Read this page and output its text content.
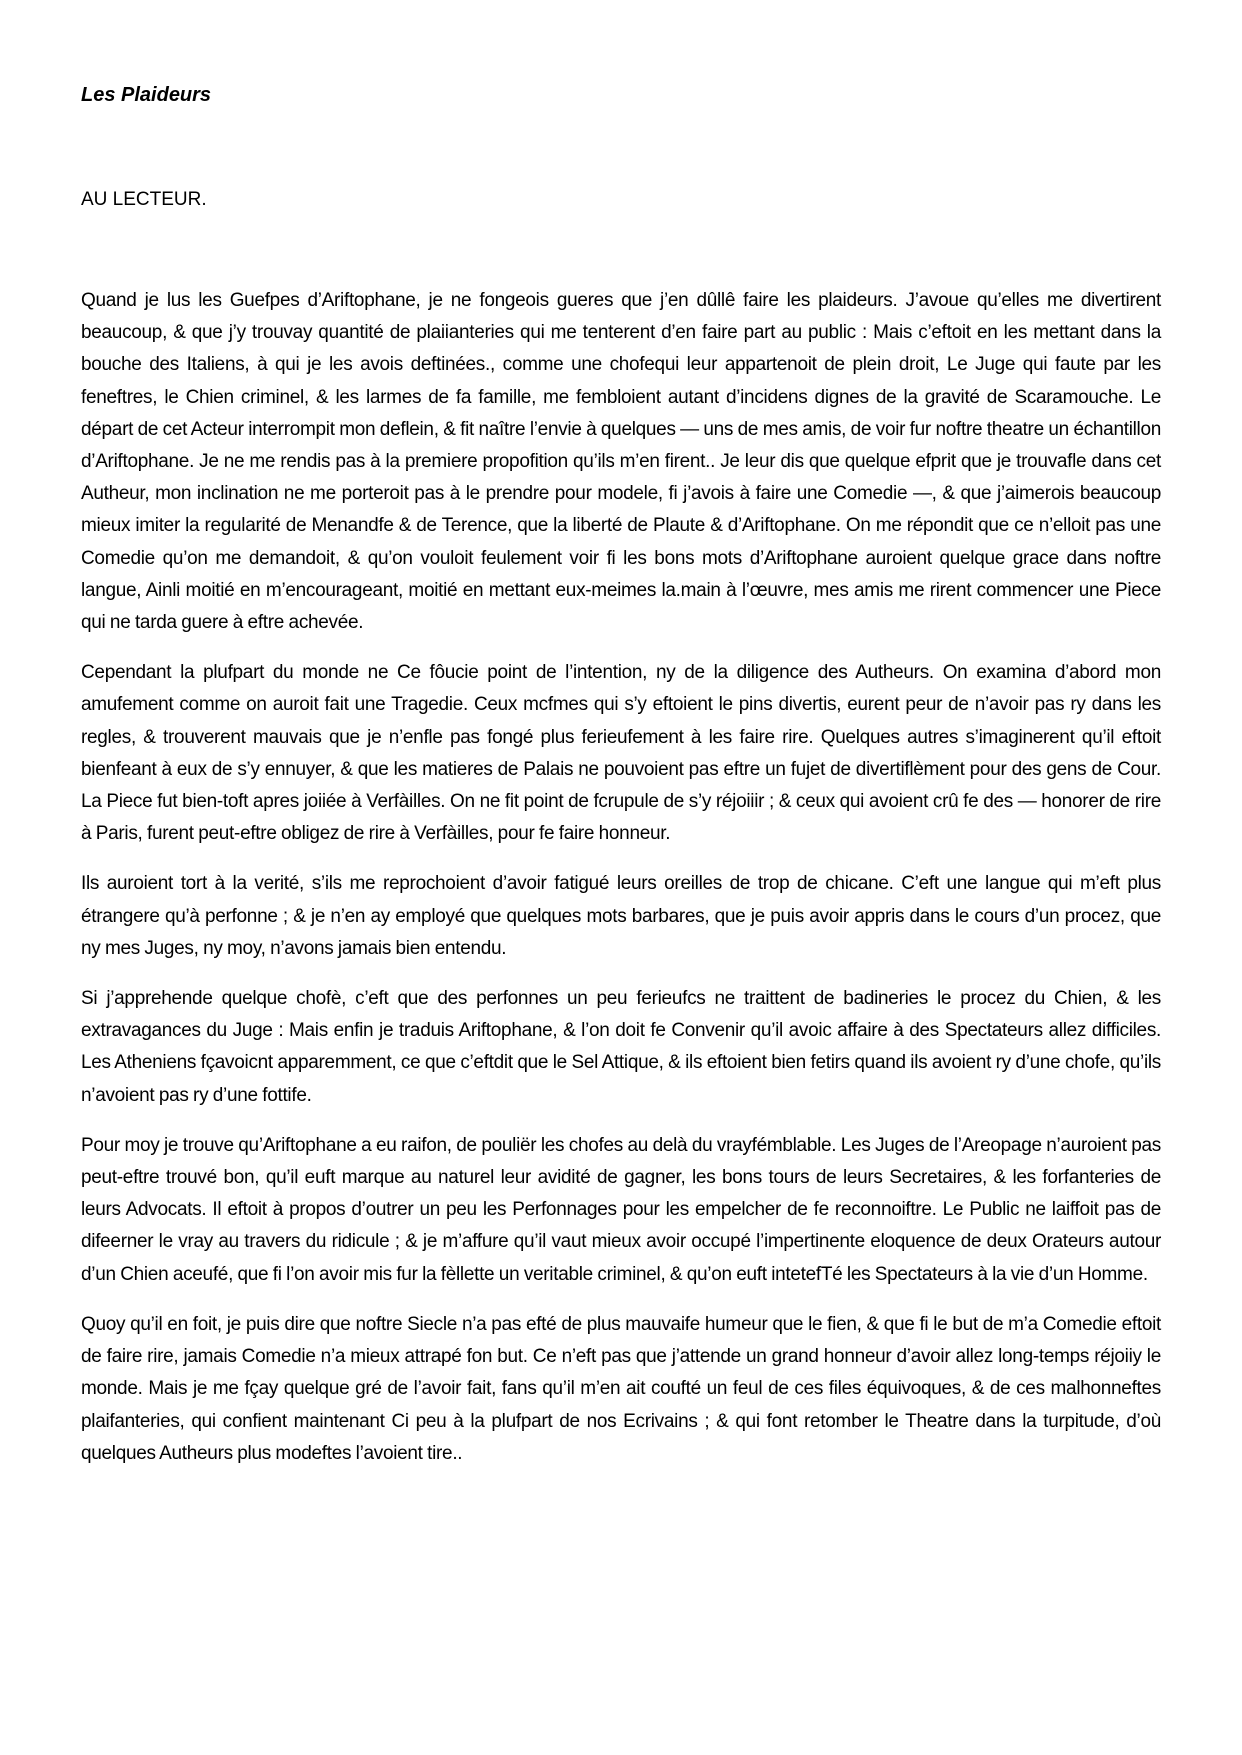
Les Plaideurs

AU LECTEUR.

Quand je lus les Guefpes d’Ariftophane, je ne fongeois gueres que j’en dûllê faire les plaideurs. J’avoue qu’elles me divertirent beaucoup, & que j’y trouvay quantité de plaiianteries qui me tenterent d’en faire part au public : Mais c’eftoit en les mettant dans la bouche des Italiens, à qui je les avois deftinées., comme une chofequi leur appartenoit de plein droit, Le Juge qui faute par les feneftres, le Chien criminel, & les larmes de fa famille, me fembloient autant d’incidens dignes de la gravité de Scaramouche. Le départ de cet Acteur interrompit mon deflein, & fit naître l’envie à quelques — uns de mes amis, de voir fur noftre theatre un échantillon d’Ariftophane. Je ne me rendis pas à la premiere propofition qu’ils m’en firent.. Je leur dis que quelque efprit que je trouvafle dans cet Autheur, mon inclination ne me porteroit pas à le prendre pour modele, fi j’avois à faire une Comedie —, & que j’aimerois beaucoup mieux imiter la regularité de Menandfe & de Terence, que la liberté de Plaute & d’Ariftophane. On me répondit que ce n’elloit pas une Comedie qu’on me demandoit, & qu’on vouloit feulement voir fi les bons mots d’Ariftophane auroient quelque grace dans noftre langue, Ainli moitié en m’encourageant, moitié en mettant eux-meimes la.main à l’œuvre, mes amis me rirent commencer une Piece qui ne tarda guere à eftre achevée.

Cependant la plufpart du monde ne Ce fôucie point de l’intention, ny de la diligence des Autheurs. On examina d’abord mon amufement comme on auroit fait une Tragedie. Ceux mcfmes qui s’y eftoient le pins divertis, eurent peur de n’avoir pas ry dans les regles, & trouverent mauvais que je n’enfle pas fongé plus ferieufement à les faire rire. Quelques autres s’imaginerent qu’il eftoit bienfeant à eux de s’y ennuyer, & que les matieres de Palais ne pouvoient pas eftre un fujet de divertiflèment pour des gens de Cour. La Piece fut bien-toft apres joiiée à Verfàilles. On ne fit point de fcrupule de s’y réjoiiir ; & ceux qui avoient crû fe des — honorer de rire à Paris, furent peut-eftre obligez de rire à Verfàilles, pour fe faire honneur.

Ils auroient tort à la verité, s’ils me reprochoient d’avoir fatigué leurs oreilles de trop de chicane. C’eft une langue qui m’eft plus étrangere qu’à perfonne ; & je n’en ay employé que quelques mots barbares, que je puis avoir appris dans le cours d’un procez, que ny mes Juges, ny moy, n’avons jamais bien entendu.

Si j’apprehende quelque chofè, c’eft que des perfonnes un peu ferieufcs ne traittent de badineries le procez du Chien, & les extravagances du Juge : Mais enfin je traduis Ariftophane, & l’on doit fe Convenir qu’il avoic affaire à des Spectateurs allez difficiles. Les Atheniens fçavoicnt apparemment, ce que c’eftdit que le Sel Attique, & ils eftoient bien fetirs quand ils avoient ry d’une chofe, qu’ils n’avoient pas ry d’une fottife.

Pour moy je trouve qu’Ariftophane a eu raifon, de pouliër les chofes au delà du vrayfémblable. Les Juges de l’Areopage n’auroient pas peut-eftre trouvé bon, qu’il euft marque au naturel leur avidité de gagner, les bons tours de leurs Secretaires, & les forfanteries de leurs Advocats. Il eftoit à propos d’outrer un peu les Perfonnages pour les empelcher de fe reconnoiftre. Le Public ne laiffoit pas de difeerner le vray au travers du ridicule ; & je m’affure qu’il vaut mieux avoir occupé l’impertinente eloquence de deux Orateurs autour d’un Chien aceufé, que fi l’on avoir mis fur la fèllette un veritable criminel, & qu’on euft intetefTé les Spectateurs à la vie d’un Homme.

Quoy qu’il en foit, je puis dire que noftre Siecle n’a pas efté de plus mauvaife humeur que le fien, & que fi le but de m’a Comedie eftoit de faire rire, jamais Comedie n’a mieux attrapé fon but. Ce n’eft pas que j’attende un grand honneur d’avoir allez long-temps réjoiiy le monde. Mais je me fçay quelque gré de l’avoir fait, fans qu’il m’en ait coufté un feul de ces files équivoques, & de ces malhonneftes plaifanteries, qui confient maintenant Ci peu à la plufpart de nos Ecrivains ; & qui font retomber le Theatre dans la turpitude, d’où quelques Autheurs plus modeftes l’avoient tire..
